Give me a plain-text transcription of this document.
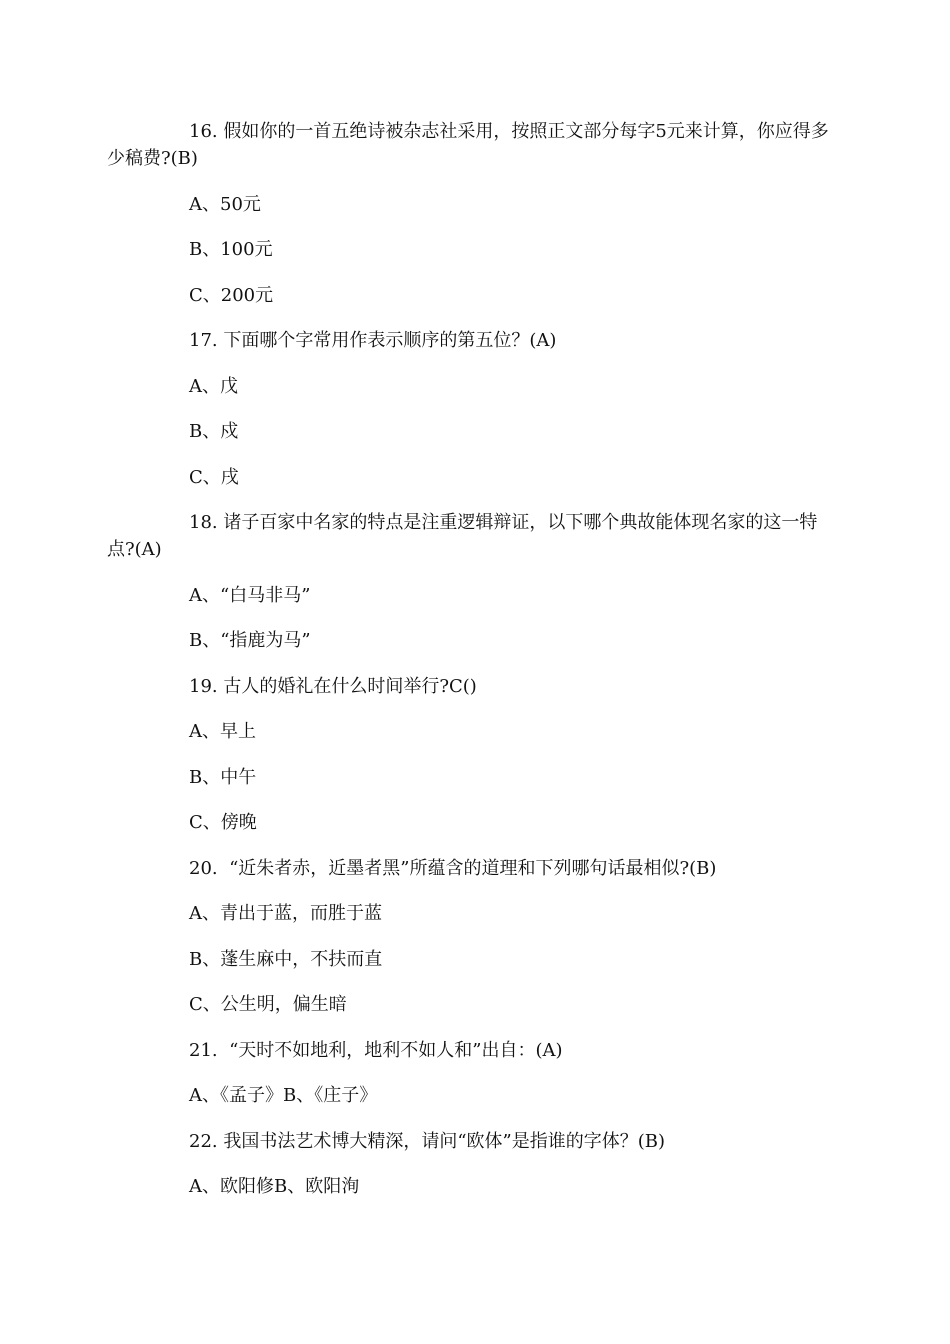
16. 假如你的一首五绝诗被杂志社采用，按照正文部分每字5元来计算，你应得多少稿费?(B)
A、50元
B、100元
C、200元
17. 下面哪个字常用作表示顺序的第五位？(A)
A、戊
B、戍
C、戌
18. 诸子百家中名家的特点是注重逻辑辩证，以下哪个典故能体现名家的这一特点?(A)
A、“白马非马”
B、“指鹿为马”
19. 古人的婚礼在什么时间举行?C()
A、早上
B、中午
C、傍晚
20.  “近朱者赤，近墨者黑”所蕴含的道理和下列哪句话最相似?(B)
A、青出于蓝，而胜于蓝
B、蓬生麻中，不扶而直
C、公生明，偏生暗
21.  “天时不如地利，地利不如人和”出自：(A)
A、《孟子》B、《庄子》
22. 我国书法艺术博大精深，请问“欧体”是指谁的字体？(B)
A、欧阳修B、欧阳洵
